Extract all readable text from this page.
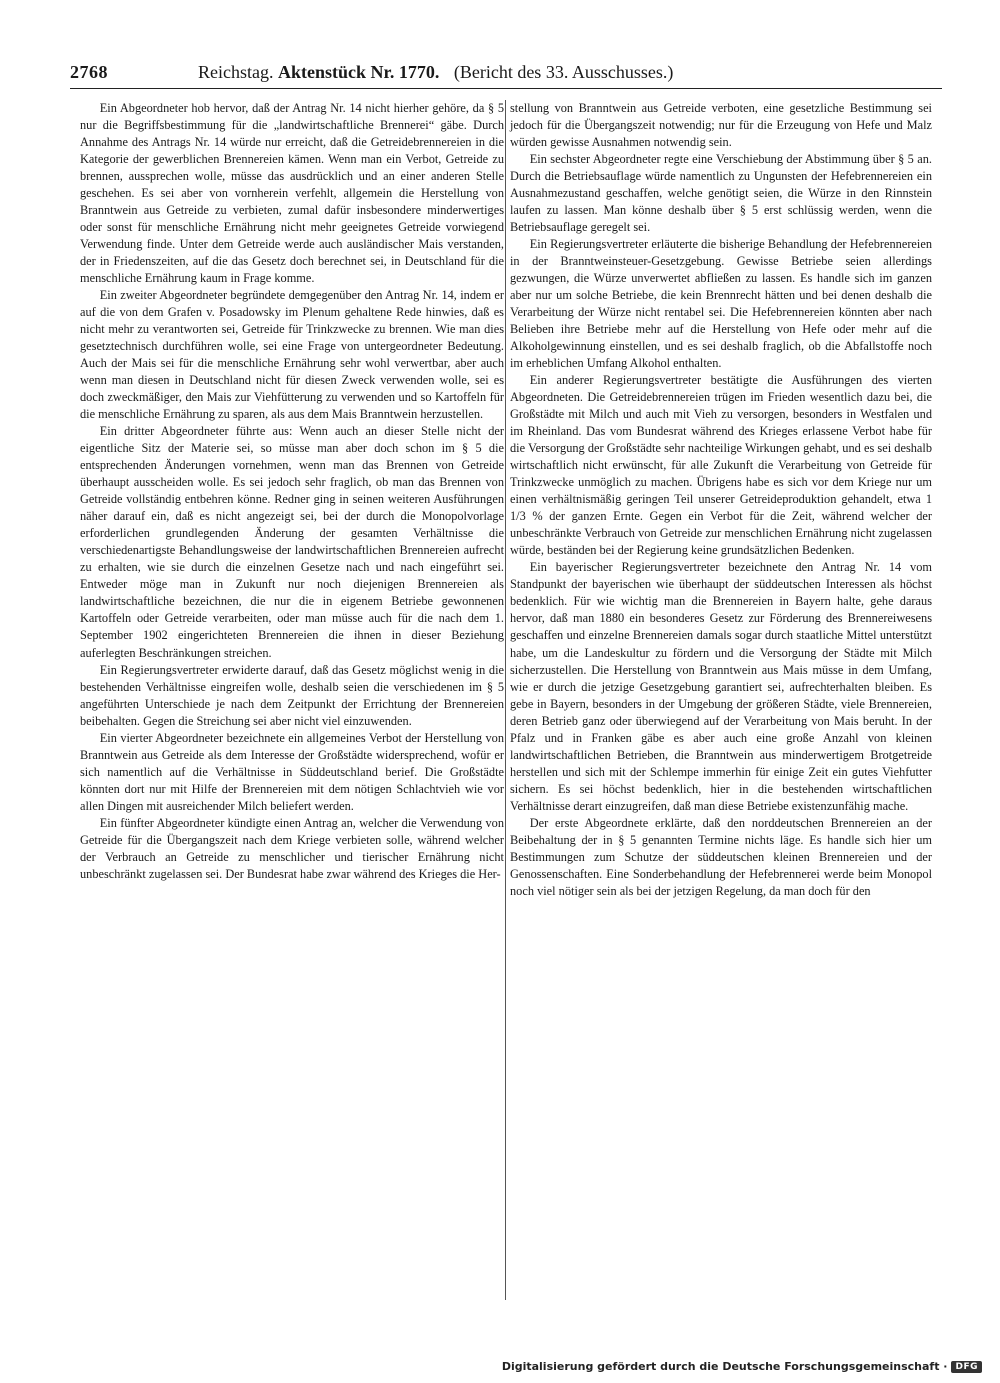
2768	Reichstag. Aktenstück Nr. 1770. (Bericht des 33. Ausschusses.)

Ein Abgeordneter hob hervor, daß der Antrag Nr. 14 nicht hierher gehöre, da § 5 nur die Begriffsbestimmung für die „landwirtschaftliche Brennerei“ gäbe. Durch Annahme des Antrags Nr. 14 würde nur erreicht, daß die Getreidebrennereien in die Kategorie der gewerblichen Brennereien kämen. Wenn man ein Verbot, Getreide zu brennen, aussprechen wolle, müsse das ausdrücklich und an einer anderen Stelle geschehen. Es sei aber von vornherein verfehlt, allgemein die Herstellung von Branntwein aus Getreide zu verbieten, zumal dafür insbesondere minderwertiges oder sonst für menschliche Ernährung nicht mehr geeignetes Getreide vorwiegend Verwendung finde. Unter dem Getreide werde auch ausländischer Mais verstanden, der in Friedenszeiten, auf die das Gesetz doch berechnet sei, in Deutschland für die menschliche Ernährung kaum in Frage komme.

Ein zweiter Abgeordneter begründete demgegenüber den Antrag Nr. 14, indem er auf die von dem Grafen v. Posadowsky im Plenum gehaltene Rede hinwies, daß es nicht mehr zu verantworten sei, Getreide für Trinkzwecke zu brennen. Wie man dies gesetztechnisch durchführen wolle, sei eine Frage von untergeordneter Bedeutung. Auch der Mais sei für die menschliche Ernährung sehr wohl verwertbar, aber auch wenn man diesen in Deutschland nicht für diesen Zweck verwenden wolle, sei es doch zweckmäßiger, den Mais zur Viehfütterung zu verwenden und so Kartoffeln für die menschliche Ernährung zu sparen, als aus dem Mais Branntwein herzustellen.

Ein dritter Abgeordneter führte aus: Wenn auch an dieser Stelle nicht der eigentliche Sitz der Materie sei, so müsse man aber doch schon im § 5 die entsprechenden Änderungen vornehmen, wenn man das Brennen von Getreide überhaupt ausscheiden wolle. Es sei jedoch sehr fraglich, ob man das Brennen von Getreide vollständig entbehren könne. Redner ging in seinen weiteren Ausführungen näher darauf ein, daß es nicht angezeigt sei, bei der durch die Monopolvorlage erforderlichen grundlegenden Änderung der gesamten Verhältnisse die verschiedenartigste Behandlungsweise der landwirtschaftlichen Brennereien aufrecht zu erhalten, wie sie durch die einzelnen Gesetze nach und nach eingeführt sei. Entweder möge man in Zukunft nur noch diejenigen Brennereien als landwirtschaftliche bezeichnen, die nur die in eigenem Betriebe gewonnenen Kartoffeln oder Getreide verarbeiten, oder man müsse auch für die nach dem 1. September 1902 eingerichteten Brennereien die ihnen in dieser Beziehung auferlegten Beschränkungen streichen.

Ein Regierungsvertreter erwiderte darauf, daß das Gesetz möglichst wenig in die bestehenden Verhältnisse eingreifen wolle, deshalb seien die verschiedenen im § 5 angeführten Unterschiede je nach dem Zeitpunkt der Errichtung der Brennereien beibehalten. Gegen die Streichung sei aber nicht viel einzuwenden.

Ein vierter Abgeordneter bezeichnete ein allgemeines Verbot der Herstellung von Branntwein aus Getreide als dem Interesse der Großstädte widersprechend, wofür er sich namentlich auf die Verhältnisse in Süddeutschland berief. Die Großstädte könnten dort nur mit Hilfe der Brennereien mit dem nötigen Schlachtvieh wie vor allen Dingen mit ausreichender Milch beliefert werden.

Ein fünfter Abgeordneter kündigte einen Antrag an, welcher die Verwendung von Getreide für die Übergangszeit nach dem Kriege verbieten solle, während welcher der Verbrauch an Getreide zu menschlicher und tierischer Ernährung nicht unbeschränkt zugelassen sei. Der Bundesrat habe zwar während des Krieges die Her-

stellung von Branntwein aus Getreide verboten, eine gesetzliche Bestimmung sei jedoch für die Übergangszeit notwendig; nur für die Erzeugung von Hefe und Malz würden gewisse Ausnahmen notwendig sein.

Ein sechster Abgeordneter regte eine Verschiebung der Abstimmung über § 5 an. Durch die Betriebsauflage würde namentlich zu Ungunsten der Hefebrennereien ein Ausnahmezustand geschaffen, welche genötigt seien, die Würze in den Rinnstein laufen zu lassen. Man könne deshalb über § 5 erst schlüssig werden, wenn die Betriebsauflage geregelt sei.

Ein Regierungsvertreter erläuterte die bisherige Behandlung der Hefebrennereien in der Branntweinsteuer-Gesetzgebung. Gewisse Betriebe seien allerdings gezwungen, die Würze unverwertet abfließen zu lassen. Es handle sich im ganzen aber nur um solche Betriebe, die kein Brennrecht hätten und bei denen deshalb die Verarbeitung der Würze nicht rentabel sei. Die Hefebrennereien könnten aber nach Belieben ihre Betriebe mehr auf die Herstellung von Hefe oder mehr auf die Alkoholgewinnung einstellen, und es sei deshalb fraglich, ob die Abfallstoffe noch im erheblichen Umfang Alkohol enthalten.

Ein anderer Regierungsvertreter bestätigte die Ausführungen des vierten Abgeordneten. Die Getreidebrennereien trügen im Frieden wesentlich dazu bei, die Großstädte mit Milch und auch mit Vieh zu versorgen, besonders in Westfalen und im Rheinland. Das vom Bundesrat während des Krieges erlassene Verbot habe für die Versorgung der Großstädte sehr nachteilige Wirkungen gehabt, und es sei deshalb wirtschaftlich nicht erwünscht, für alle Zukunft die Verarbeitung von Getreide für Trinkzwecke unmöglich zu machen. Übrigens habe es sich vor dem Kriege nur um einen verhältnismäßig geringen Teil unserer Getreideproduktion gehandelt, etwa 1 1/3 % der ganzen Ernte. Gegen ein Verbot für die Zeit, während welcher der unbeschränkte Verbrauch von Getreide zur menschlichen Ernährung nicht zugelassen würde, beständen bei der Regierung keine grundsätzlichen Bedenken.

Ein bayerischer Regierungsvertreter bezeichnete den Antrag Nr. 14 vom Standpunkt der bayerischen wie überhaupt der süddeutschen Interessen als höchst bedenklich. Für wie wichtig man die Brennereien in Bayern halte, gehe daraus hervor, daß man 1880 ein besonderes Gesetz zur Förderung des Brennereiwesens geschaffen und einzelne Brennereien damals sogar durch staatliche Mittel unterstützt habe, um die Landeskultur zu fördern und die Versorgung der Städte mit Milch sicherzustellen. Die Herstellung von Branntwein aus Mais müsse in dem Umfang, wie er durch die jetzige Gesetzgebung garantiert sei, aufrechterhalten bleiben. Es gebe in Bayern, besonders in der Umgebung der größeren Städte, viele Brennereien, deren Betrieb ganz oder überwiegend auf der Verarbeitung von Mais beruht. In der Pfalz und in Franken gäbe es aber auch eine große Anzahl von kleinen landwirtschaftlichen Betrieben, die Branntwein aus minderwertigem Brotgetreide herstellen und sich mit der Schlempe immerhin für einige Zeit ein gutes Viehfutter sichern. Es sei höchst bedenklich, hier in die bestehenden wirtschaftlichen Verhältnisse derart einzugreifen, daß man diese Betriebe existenzunfähig mache.

Der erste Abgeordnete erklärte, daß den norddeutschen Brennereien an der Beibehaltung der in § 5 genannten Termine nichts läge. Es handle sich hier um Bestimmungen zum Schutze der süddeutschen kleinen Brennereien und der Genossenschaften. Eine Sonderbehandlung der Hefebrennerei werde beim Monopol noch viel nötiger sein als bei der jetzigen Regelung, da man doch für den

Digitalisierung gefördert durch die Deutsche Forschungsgemeinschaft · DFG
